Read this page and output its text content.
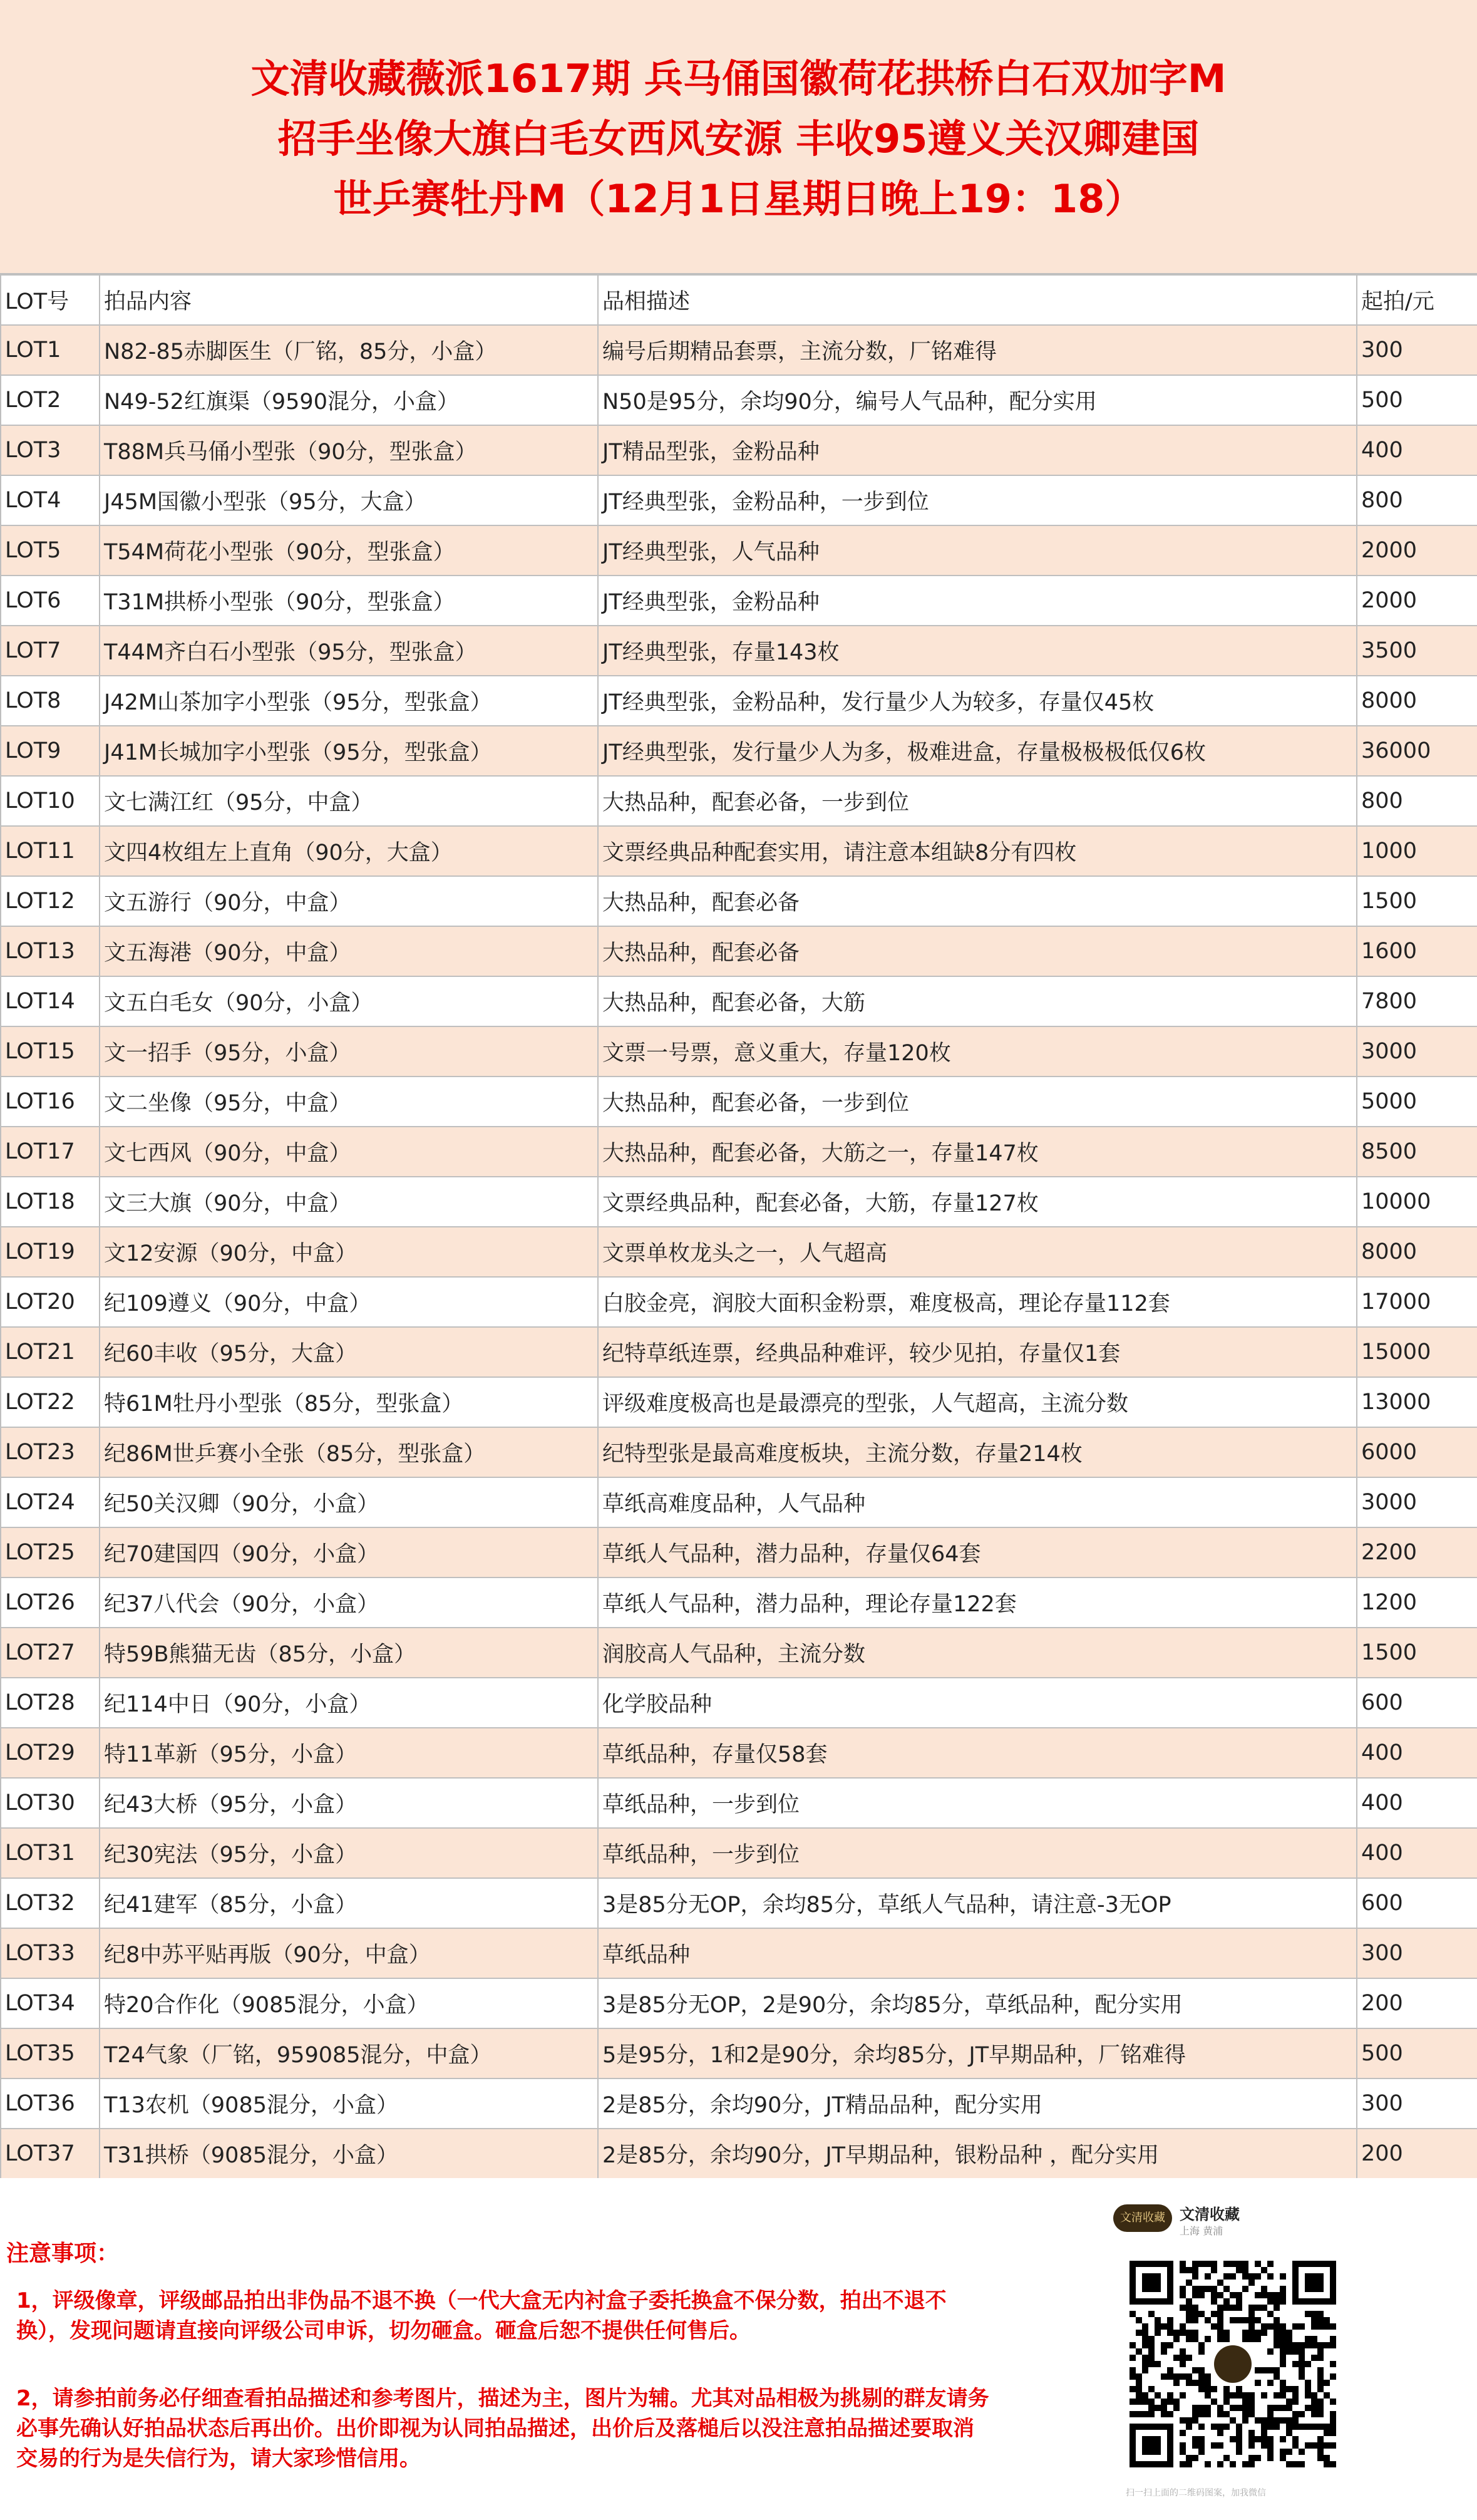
文清收藏薇派1617期 兵马俑国徽荷花拱桥白石双加字M
招手坐像大旗白毛女西风安源 丰收95遵义关汉卿建国
世乒赛牡丹M（12月1日星期日晚上19：18）
LOT号	拍品内容	品相描述	起拍/元
LOT1	N82-85赤脚医生（厂铭，85分，小盒）	编号后期精品套票，主流分数，厂铭难得	300
LOT2	N49-52红旗渠（9590混分，小盒）	N50是95分，余均90分，编号人气品种，配分实用	500
LOT3	T88M兵马俑小型张（90分，型张盒）	JT精品型张，金粉品种	400
LOT4	J45M国徽小型张（95分，大盒）	JT经典型张，金粉品种，一步到位	800
LOT5	T54M荷花小型张（90分，型张盒）	JT经典型张，人气品种	2000
LOT6	T31M拱桥小型张（90分，型张盒）	JT经典型张，金粉品种	2000
LOT7	T44M齐白石小型张（95分，型张盒）	JT经典型张，存量143枚	3500
LOT8	J42M山茶加字小型张（95分，型张盒）	JT经典型张，金粉品种，发行量少人为较多，存量仅45枚	8000
LOT9	J41M长城加字小型张（95分，型张盒）	JT经典型张，发行量少人为多，极难进盒，存量极极极低仅6枚	36000
LOT10	文七满江红（95分，中盒）	大热品种，配套必备，一步到位	800
LOT11	文四4枚组左上直角（90分，大盒）	文票经典品种配套实用，请注意本组缺8分有四枚	1000
LOT12	文五游行（90分，中盒）	大热品种，配套必备	1500
LOT13	文五海港（90分，中盒）	大热品种，配套必备	1600
LOT14	文五白毛女（90分，小盒）	大热品种，配套必备，大筋	7800
LOT15	文一招手（95分，小盒）	文票一号票，意义重大，存量120枚	3000
LOT16	文二坐像（95分，中盒）	大热品种，配套必备，一步到位	5000
LOT17	文七西风（90分，中盒）	大热品种，配套必备，大筋之一，存量147枚	8500
LOT18	文三大旗（90分，中盒）	文票经典品种，配套必备，大筋，存量127枚	10000
LOT19	文12安源（90分，中盒）	文票单枚龙头之一，人气超高	8000
LOT20	纪109遵义（90分，中盒）	白胶金亮，润胶大面积金粉票，难度极高，理论存量112套	17000
LOT21	纪60丰收（95分，大盒）	纪特草纸连票，经典品种难评，较少见拍，存量仅1套	15000
LOT22	特61M牡丹小型张（85分，型张盒）	评级难度极高也是最漂亮的型张，人气超高，主流分数	13000
LOT23	纪86M世乒赛小全张（85分，型张盒）	纪特型张是最高难度板块，主流分数，存量214枚	6000
LOT24	纪50关汉卿（90分，小盒）	草纸高难度品种，人气品种	3000
LOT25	纪70建国四（90分，小盒）	草纸人气品种，潜力品种，存量仅64套	2200
LOT26	纪37八代会（90分，小盒）	草纸人气品种，潜力品种，理论存量122套	1200
LOT27	特59B熊猫无齿（85分，小盒）	润胶高人气品种，主流分数	1500
LOT28	纪114中日（90分，小盒）	化学胶品种	600
LOT29	特11革新（95分，小盒）	草纸品种，存量仅58套	400
LOT30	纪43大桥（95分，小盒）	草纸品种，一步到位	400
LOT31	纪30宪法（95分，小盒）	草纸品种，一步到位	400
LOT32	纪41建军（85分，小盒）	3是85分无OP，余均85分，草纸人气品种，请注意-3无OP	600
LOT33	纪8中苏平贴再版（90分，中盒）	草纸品种	300
LOT34	特20合作化（9085混分，小盒）	3是85分无OP，2是90分，余均85分，草纸品种，配分实用	200
LOT35	T24气象（厂铭，959085混分，中盒）	5是95分，1和2是90分，余均85分，JT早期品种，厂铭难得	500
LOT36	T13农机（9085混分，小盒）	2是85分，余均90分，JT精品品种，配分实用	300
LOT37	T31拱桥（9085混分，小盒）	2是85分，余均90分，JT早期品种，银粉品种 ，配分实用	200
注意事项：
1，评级像章，评级邮品拍出非伪品不退不换（一代大盒无内衬盒子委托换盒不保分数，拍出不退不换），发现问题请直接向评级公司申诉，切勿砸盒。砸盒后恕不提供任何售后。
2，请参拍前务必仔细查看拍品描述和参考图片，描述为主，图片为辅。尤其对品相极为挑剔的群友请务必事先确认好拍品状态后再出价。出价即视为认同拍品描述，出价后及落槌后以没注意拍品描述要取消交易的行为是失信行为，请大家珍惜信用。
文清收藏 文清收藏
上海 黄浦
扫一扫上面的二维码图案，加我微信
